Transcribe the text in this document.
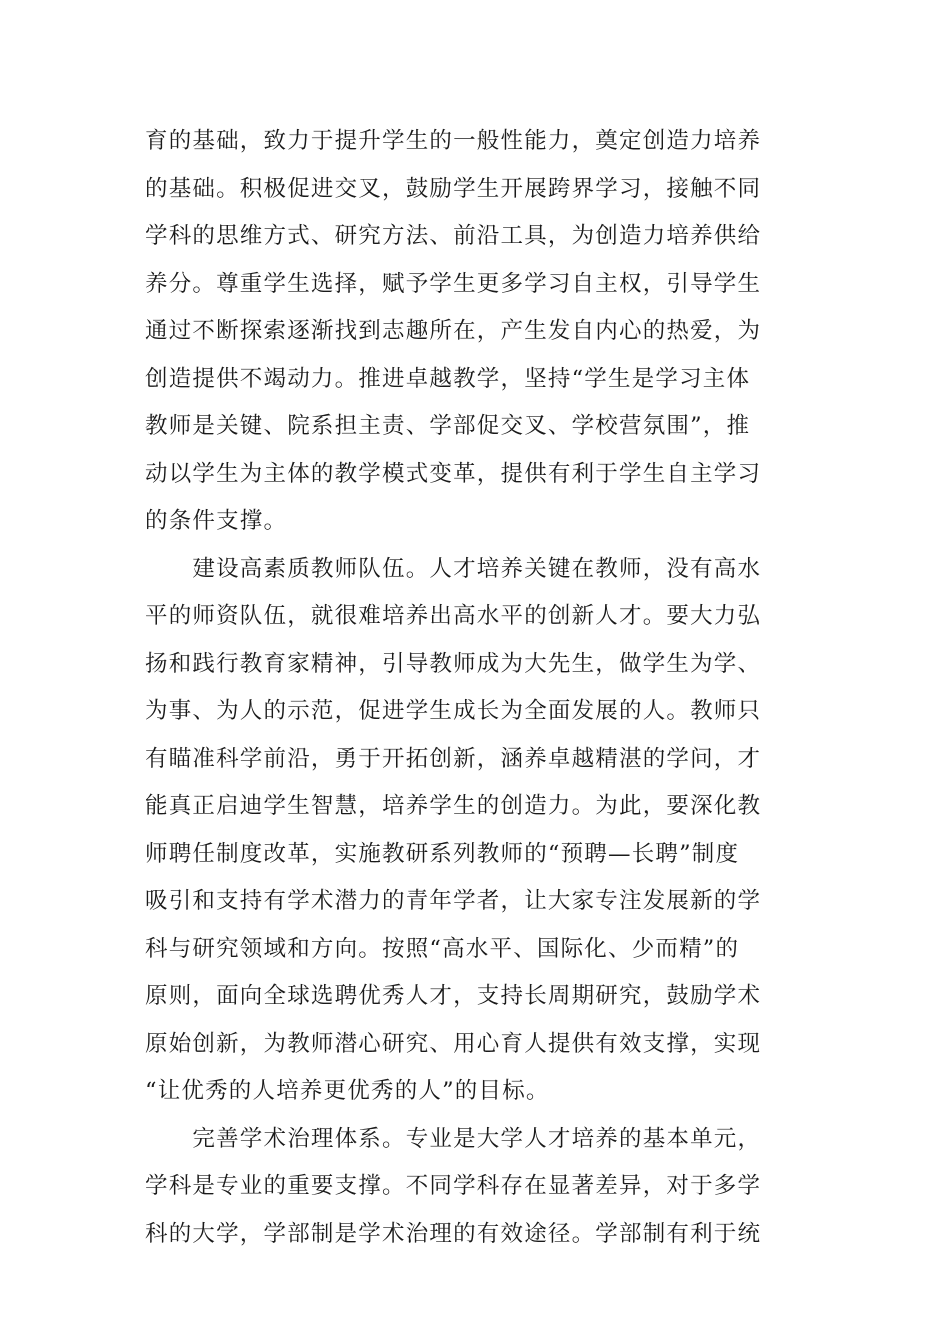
育的基础，致力于提升学生的一般性能力，奠定创造力培养
的基础。积极促进交叉，鼓励学生开展跨界学习，接触不同
学科的思维方式、研究方法、前沿工具，为创造力培养供给
养分。尊重学生选择，赋予学生更多学习自主权，引导学生
通过不断探索逐渐找到志趣所在，产生发自内心的热爱，为
创造提供不竭动力。推进卓越教学，坚持“学生是学习主体
教师是关键、院系担主责、学部促交叉、学校营氛围”，推
动以学生为主体的教学模式变革，提供有利于学生自主学习
的条件支撑。

　　建设高素质教师队伍。人才培养关键在教师，没有高水
平的师资队伍，就很难培养出高水平的创新人才。要大力弘
扬和践行教育家精神，引导教师成为大先生，做学生为学、
为事、为人的示范，促进学生成长为全面发展的人。教师只
有瞄准科学前沿，勇于开拓创新，涵养卓越精湛的学问，才
能真正启迪学生智慧，培养学生的创造力。为此，要深化教
师聘任制度改革，实施教研系列教师的“预聘—长聘”制度
吸引和支持有学术潜力的青年学者，让大家专注发展新的学
科与研究领域和方向。按照“高水平、国际化、少而精”的
原则，面向全球选聘优秀人才，支持长周期研究，鼓励学术
原始创新，为教师潜心研究、用心育人提供有效支撑，实现
“让优秀的人培养更优秀的人”的目标。

　　完善学术治理体系。专业是大学人才培养的基本单元，
学科是专业的重要支撑。不同学科存在显著差异，对于多学
科的大学，学部制是学术治理的有效途径。学部制有利于统
